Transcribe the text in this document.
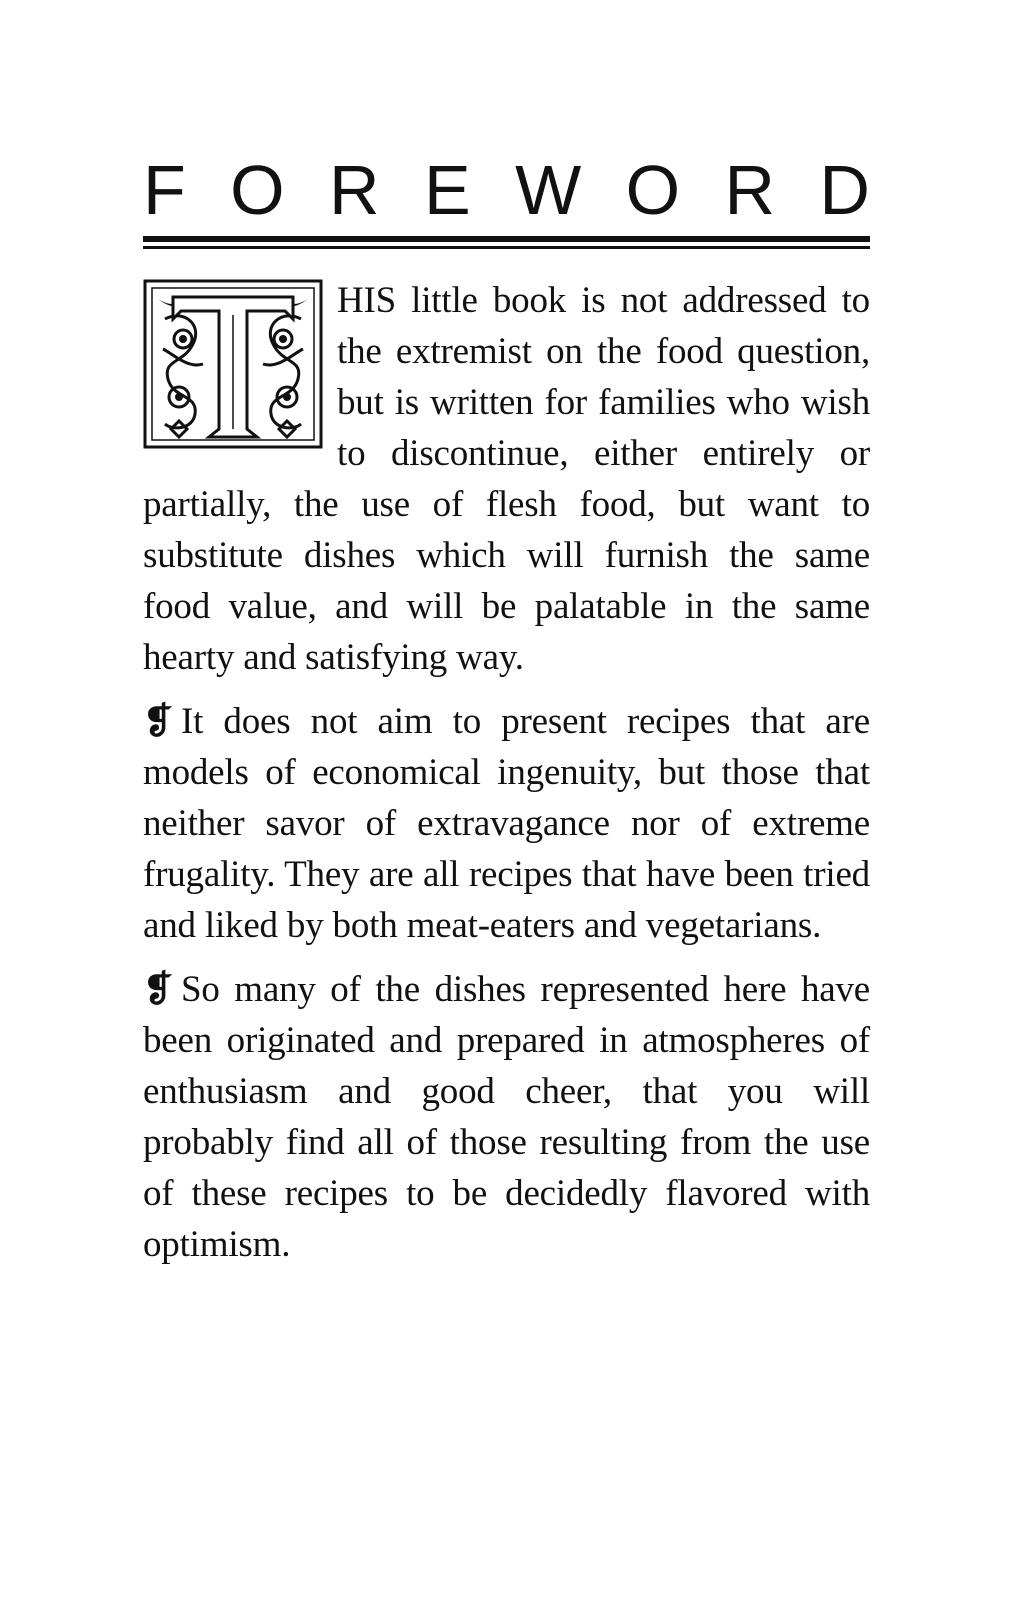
F O R E W O R D

HIS little book is not addressed to the extremist on the food question, but is written for families who wish to discontinue, either entirely or partially, the use of flesh food, but want to substitute dishes which will furnish the same food value, and will be palatable in the same hearty and satisfying way.

❡ It does not aim to present recipes that are models of economical ingenuity, but those that neither savor of extravagance nor of extreme frugality. They are all recipes that have been tried and liked by both meat-eaters and vegetarians.

❡ So many of the dishes represented here have been originated and prepared in atmospheres of enthusiasm and good cheer, that you will probably find all of those resulting from the use of these recipes to be decidedly flavored with optimism.
